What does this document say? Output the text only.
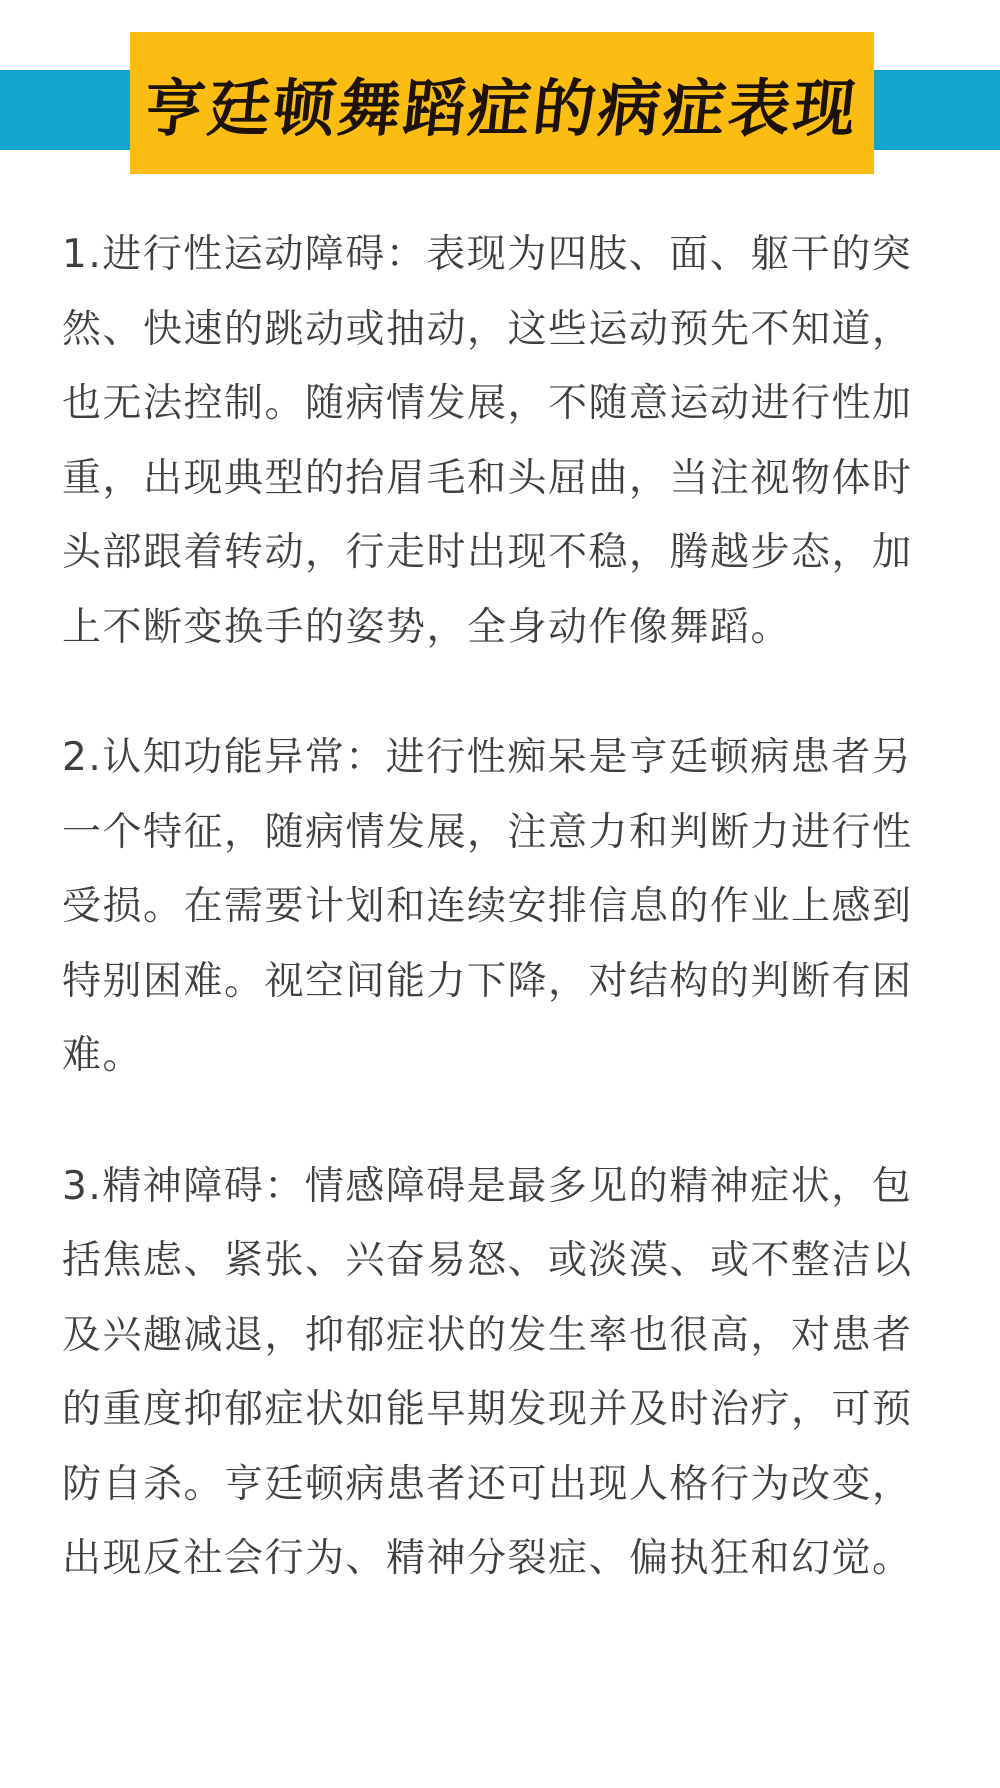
亨廷顿舞蹈症的病症表现

1.进行性运动障碍：表现为四肢、面、躯干的突然、快速的跳动或抽动，这些运动预先不知道，也无法控制。随病情发展，不随意运动进行性加重，出现典型的抬眉毛和头屈曲，当注视物体时头部跟着转动，行走时出现不稳，腾越步态，加上不断变换手的姿势，全身动作像舞蹈。

2.认知功能异常：进行性痴呆是亨廷顿病患者另一个特征，随病情发展，注意力和判断力进行性受损。在需要计划和连续安排信息的作业上感到特别困难。视空间能力下降，对结构的判断有困难。

3.精神障碍：情感障碍是最多见的精神症状，包括焦虑、紧张、兴奋易怒、或淡漠、或不整洁以及兴趣减退，抑郁症状的发生率也很高，对患者的重度抑郁症状如能早期发现并及时治疗，可预防自杀。亨廷顿病患者还可出现人格行为改变，出现反社会行为、精神分裂症、偏执狂和幻觉。
